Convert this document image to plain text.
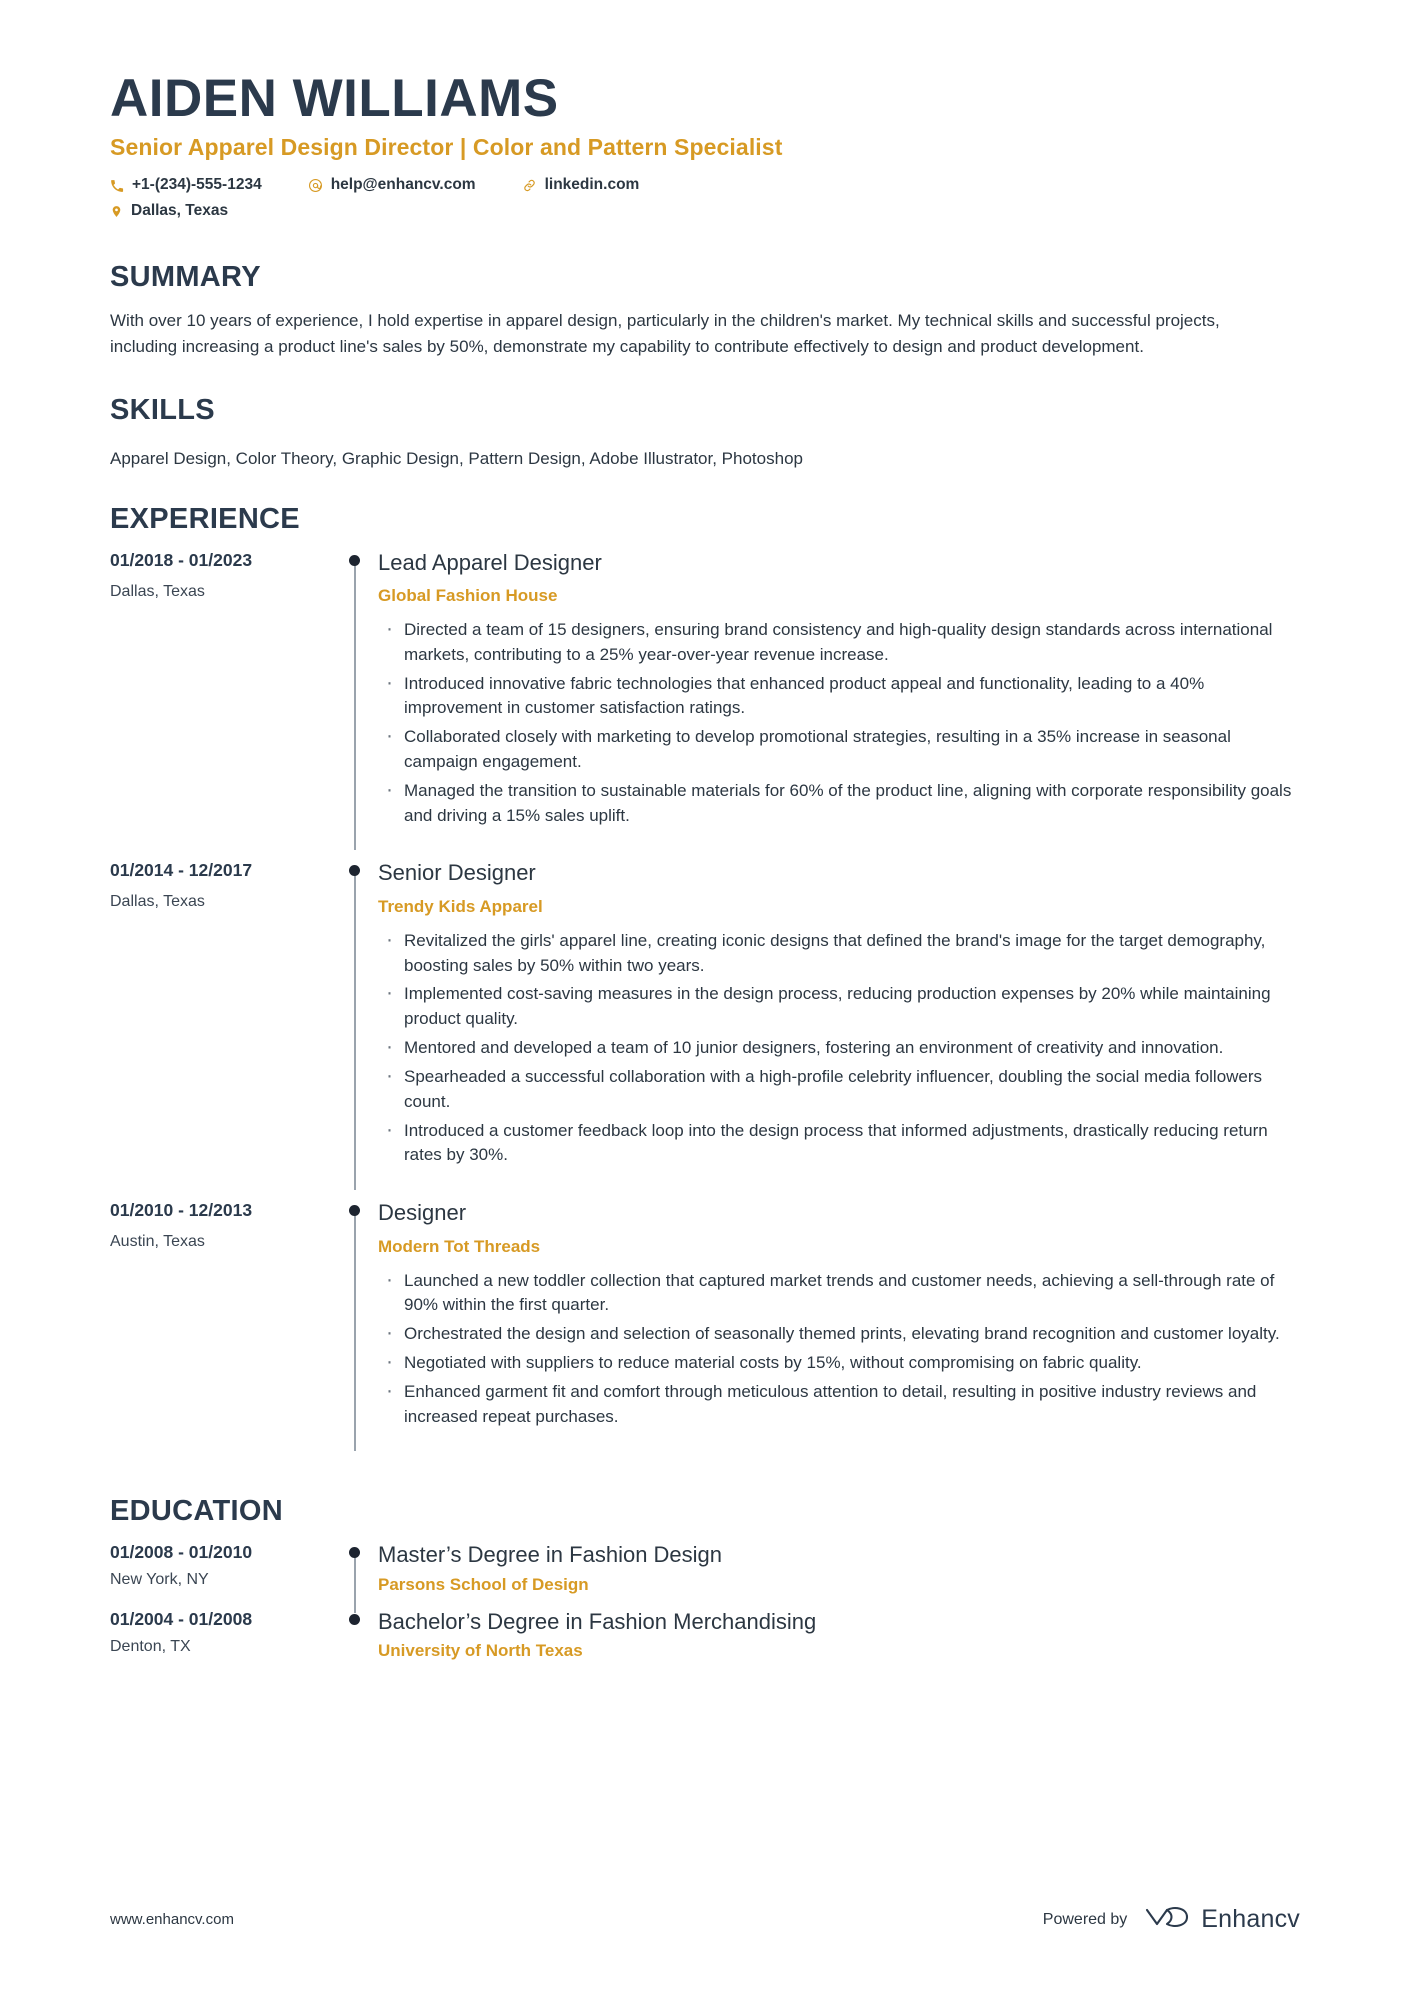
AIDEN WILLIAMS
Senior Apparel Design Director | Color and Pattern Specialist
+1-(234)-555-1234	help@enhancv.com	linkedin.com
Dallas, Texas
SUMMARY

With over 10 years of experience, I hold expertise in apparel design, particularly in the children's market. My technical skills and successful projects, including increasing a product line's sales by 50%, demonstrate my capability to contribute effectively to design and product development.

SKILLS

Apparel Design, Color Theory, Graphic Design, Pattern Design, Adobe Illustrator, Photoshop

EXPERIENCE
01/2018 - 01/2023
Dallas, Texas
Lead Apparel Designer
Global Fashion House
· Directed a team of 15 designers, ensuring brand consistency and high-quality design standards across international markets, contributing to a 25% year-over-year revenue increase.
· Introduced innovative fabric technologies that enhanced product appeal and functionality, leading to a 40% improvement in customer satisfaction ratings.
· Collaborated closely with marketing to develop promotional strategies, resulting in a 35% increase in seasonal campaign engagement.
· Managed the transition to sustainable materials for 60% of the product line, aligning with corporate responsibility goals and driving a 15% sales uplift.
01/2014 - 12/2017
Dallas, Texas
Senior Designer
Trendy Kids Apparel
· Revitalized the girls' apparel line, creating iconic designs that defined the brand's image for the target demography, boosting sales by 50% within two years.
· Implemented cost-saving measures in the design process, reducing production expenses by 20% while maintaining product quality.
· Mentored and developed a team of 10 junior designers, fostering an environment of creativity and innovation.
· Spearheaded a successful collaboration with a high-profile celebrity influencer, doubling the social media followers count.
· Introduced a customer feedback loop into the design process that informed adjustments, drastically reducing return rates by 30%.
01/2010 - 12/2013
Austin, Texas
Designer
Modern Tot Threads
· Launched a new toddler collection that captured market trends and customer needs, achieving a sell-through rate of 90% within the first quarter.
· Orchestrated the design and selection of seasonally themed prints, elevating brand recognition and customer loyalty.
· Negotiated with suppliers to reduce material costs by 15%, without compromising on fabric quality.
· Enhanced garment fit and comfort through meticulous attention to detail, resulting in positive industry reviews and increased repeat purchases.
EDUCATION
01/2008 - 01/2010
New York, NY
Master’s Degree in Fashion Design
Parsons School of Design
01/2004 - 01/2008
Denton, TX
Bachelor’s Degree in Fashion Merchandising
University of North Texas
www.enhancv.com	Powered by	Enhancv
